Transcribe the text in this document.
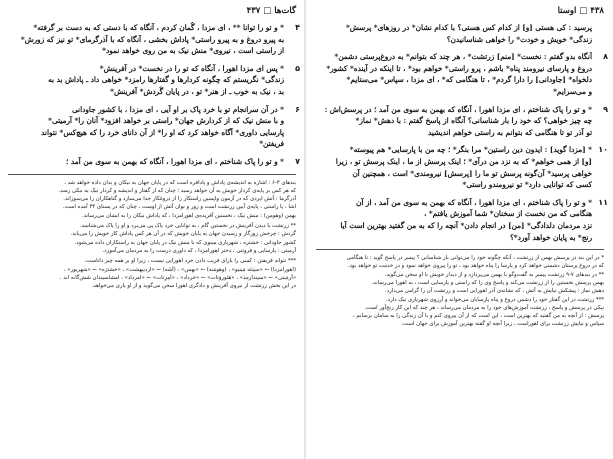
گات‌ها □ ۴۳۷
۴
* و تو را توانا ** ، ای مزدا ، گُمان کردم ، آنگاه که با دستی که به دست بر گرفته*
به پیرو دروغ و به پیرو راستی* پاداش بخشی ، آنگاه که با آذرگرمای* تو نیز که زورش*
از راستی است ، نیروی* منش نیک به من روی خواهد نمود*
۵
* پس ای مزدا اهورا ، آنگاه که تو را در نخست* در آفرینش*
زندگی* نگریستم که چگونه کردارها و گفتارها رامزد* خواهی داد ـ پاداش بد به
بد ، نیک به خوب ـ از هنر* تو ، در پایان گَردش* آفرینش*
۶
* در آن سرانجام تو با خرد پاک بر او آیی ، ای مزدا ، با کشور جاودانی
و با منش نیک که از کردارش جهان* راستی بر خواهد افزود* آنان را* آرمیتی*
پارسایی داوری* آگاه خواهد کرد که او را* از آن دانای خرد را که هیچ‌کس* نتواند
فریفتن*
۷
* و تو را پاک شناختم ، ای مزدا اهورا ، آنگاه که بهمن به سوی من آمد ؛
بندهای ۴-۶ : اشاره به اندیشه‌ی پاداش و پادافره است که در پایان جهان به نیکان و بدان داده خواهد شد ،
که هر کس بر پایه‌ی کردار خویش به آن خواهد رسید ؛ چنان که از گفتار و اندیشه و کردار نیک به نیکی رسد.
آذرگرما : آتش ایزدی که در آزمون واپسین راستکار را از دروغکار جدا می‌سازد و گناهکاران را می‌سوزاند.
اشا ، یا راستی ، پایه‌ی آیین زرتشت است و زور و توان آتش از اوست ، چنان که در یسنای ۳۴ آمده است.
بهمن (وهومن) : منش نیک ، نخستین آفریده‌ی اهورامزدا ، که پاداش نیکان را به ایشان می‌رساند.
** زرتشت با دیدن آفرینش در نخستین گام ، به توانایی خرد پاک پی می‌برد و او را پاک می‌شناسد.
گردش : چرخش روزگار و رسیدن جهان به پایان خویش که در آن هر کس پاداش کار خویش را می‌یابد.
کشور جاودانی : خشتره ، شهریاری مینوی که با منش نیک در پایان جهان به راستکاران داده می‌شود.
آرمیتی : پارسایی و فروتنی ، دختر اهورامزدا ، که داوری درست را به مردمان می‌آموزد.
*** نتواند فریفتن : کسی را یارای فریب دادن خرد اهورایی نیست ، زیرا او بر همه چیز داناست.
(اهورامزدا) ← «سپَنتَه مَینیو» ، (وهومَنه) ← «بهمن» ، (اَشَه) ← «اردیبهشت» ، «خشترَه» ← «شهریور» ،
«آرمَیتی» ← «سپندارمذ» ، «هَئوروَتات» ← «خرداد» ، «اَمِرِتات» ← «امرداد» ، امشاسپندان شش‌گانه اند .
در این بخش زرتشت از نیروی آفرینش و دادگری اهورا سخن می‌گوید و از او یاری می‌خواهد.
۴۳۸ □ اوستا
پرسید : کی هستی [و] از کدام کس هستی؟ با کدام نشان* در روزهای* پرسش*
زندگی* خویش و خودت* را خواهی شناسانیدن؟
۸
آنگاه بدو گفتم : نخست* [منم] زرتشت* ، هر چند که بتوانم* به دروغ‌پرستی دشمن*
دروغ و پارسای نیرومند پناه* باشم ، پرو راستی* خواهم بود* ، تا اینکه در آینده* کشور*
دلخواه* [جاودانی] را دارا گردم* ، تا هنگامی که* ، ای مزدا ، سپاس* می‌ستایم*
و می‌سرایم*
۹
* و تو را پاک شناختم ، ای مزدا اهورا ، آنگاه که بهمن به سوی من آمد ؛ در پرسش‌اش :
چه چیز خواهی؟ که خود را بار شناسانی؟ آنگاه از پاسخ گفتم : با دهش* نماز*
تو آذر تو تا هنگامی که بتوانم به راستی خواهم اندیشید
۱۰
* [مزدا گوید] : ایدون دین راستین* مرا بنگر* ؛ چه من با پارسایی* هم پیوسته*
[و] از همی خواهم* که به نزد من درآی* ؛ اینک پرسش از ما ، اینک پرسش تو ، زیرا
خواهی پرسید* آن‌گونه پرسش تو ما را [پرسش] نیرومندی* است ، همچنین آن
کسی که توانایی دارد* تو نیرومندو راستی*
۱۱
* و تو را پاک شناختم ، ای مزدا اهورا ، آنگاه که بهمن به سوی من آمد ، از آن
هنگامی که من نخست از سخنان* شما آموزش یافتم* ،
نزد مردمان دلدادگی* [من] در انجام دادن* آنچه را که به من گفتید بهترین است آیا
رنج* به پایان خواهد آورد*؟
* در این بند در پرسش بهمن از زرتشت ، آنکه چگونه خود را می‌توانی باز شناسانی ؟ پیمبر در پاسخ گوید : تا هنگامی
که در دروغ پرستان دشمنی خواهد کرد و پارسا را پناه خواهد بود ، تو را پیروی خواهد نمود و در خدمت تو خواهد بود.
** در بندهای ۷-۹ زرتشت پیمبر به گفت‌وگو با بهمن می‌پردازد و از دیدار خویش با او سخن می‌گوید.
بهمن پرسش نخستین را از زرتشت می‌کند و پاسخ وی را که راستی و پارسایی است ، به اهورا می‌رساند.
دهش نماز : پیشکش نیایش به آتش ، که نشانه‌ی آذر اهورایی است و زرتشت آن را گرامی می‌دارد.
*** زرتشت در این گفتار خود را دشمن دروغ و پناه پارسایان می‌خواند و آرزوی شهریاری نیک دارد.
نیکی در پرسش و پاسخ ، زرتشت آموزش‌های خود را به مردمان می‌رساند ، هر چند که این کار رنج‌آور است.
پرسش : از آنچه به من گفتید که بهترین است ، این است که از آن پیروی کنم و با آن زندگی را به سامان برسانم ،
سپاس و نیایش زرتشت برای اهوراست ، زیرا آنچه او گفته بهترین آموزش برای جهان است.
